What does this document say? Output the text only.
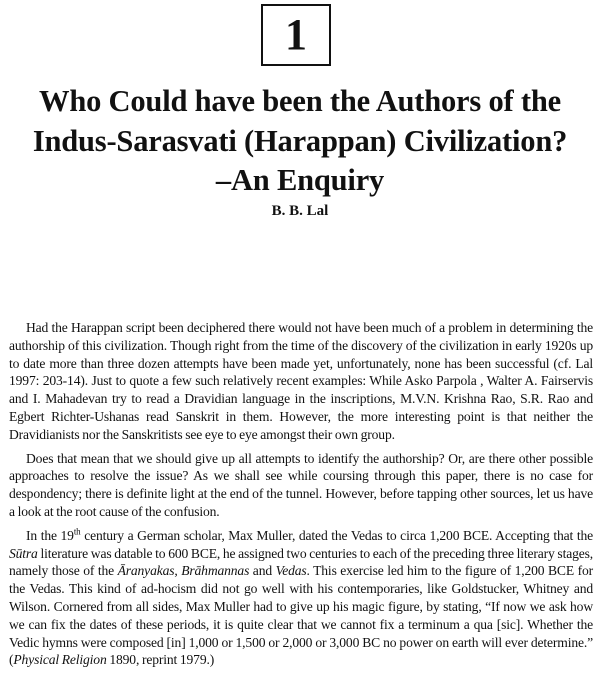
1
Who Could have been the Authors of the
Indus-Sarasvati (Harappan) Civilization?
–An Enquiry
B. B. Lal

Had the Harappan script been deciphered there would not have been much of a problem in determining the authorship of this civilization. Though right from the time of the discovery of the civilization in early 1920s up to date more than three dozen attempts have been made yet, unfortunately, none has been successful (cf. Lal 1997: 203-14). Just to quote a few such relatively recent examples: While Asko Parpola , Walter A. Fairservis and I. Mahadevan try to read a Dravidian language in the inscriptions, M.V.N. Krishna Rao, S.R. Rao and Egbert Richter-Ushanas read Sanskrit in them. However, the more interesting point is that neither the Dravidianists nor the Sanskritists see eye to eye amongst their own group.

Does that mean that we should give up all attempts to identify the authorship? Or, are there other possible approaches to resolve the issue? As we shall see while coursing through this paper, there is no case for despondency; there is definite light at the end of the tunnel. However, before tapping other sources, let us have a look at the root cause of the confusion.

In the 19th century a German scholar, Max Muller, dated the Vedas to circa 1,200 BCE. Accepting that the Sūtra literature was datable to 600 BCE, he assigned two centuries to each of the preceding three literary stages, namely those of the Āranyakas, Brāhmannas and Vedas. This exercise led him to the figure of 1,200 BCE for the Vedas. This kind of ad-hocism did not go well with his contemporaries, like Goldstucker, Whitney and Wilson. Cornered from all sides, Max Muller had to give up his magic figure, by stating, “If now we ask how we can fix the dates of these periods, it is quite clear that we cannot fix a terminum a qua [sic]. Whether the Vedic hymns were composed [in] 1,000 or 1,500 or 2,000 or 3,000 BC no power on earth will ever determine.” (Physical Religion 1890, reprint 1979.)
